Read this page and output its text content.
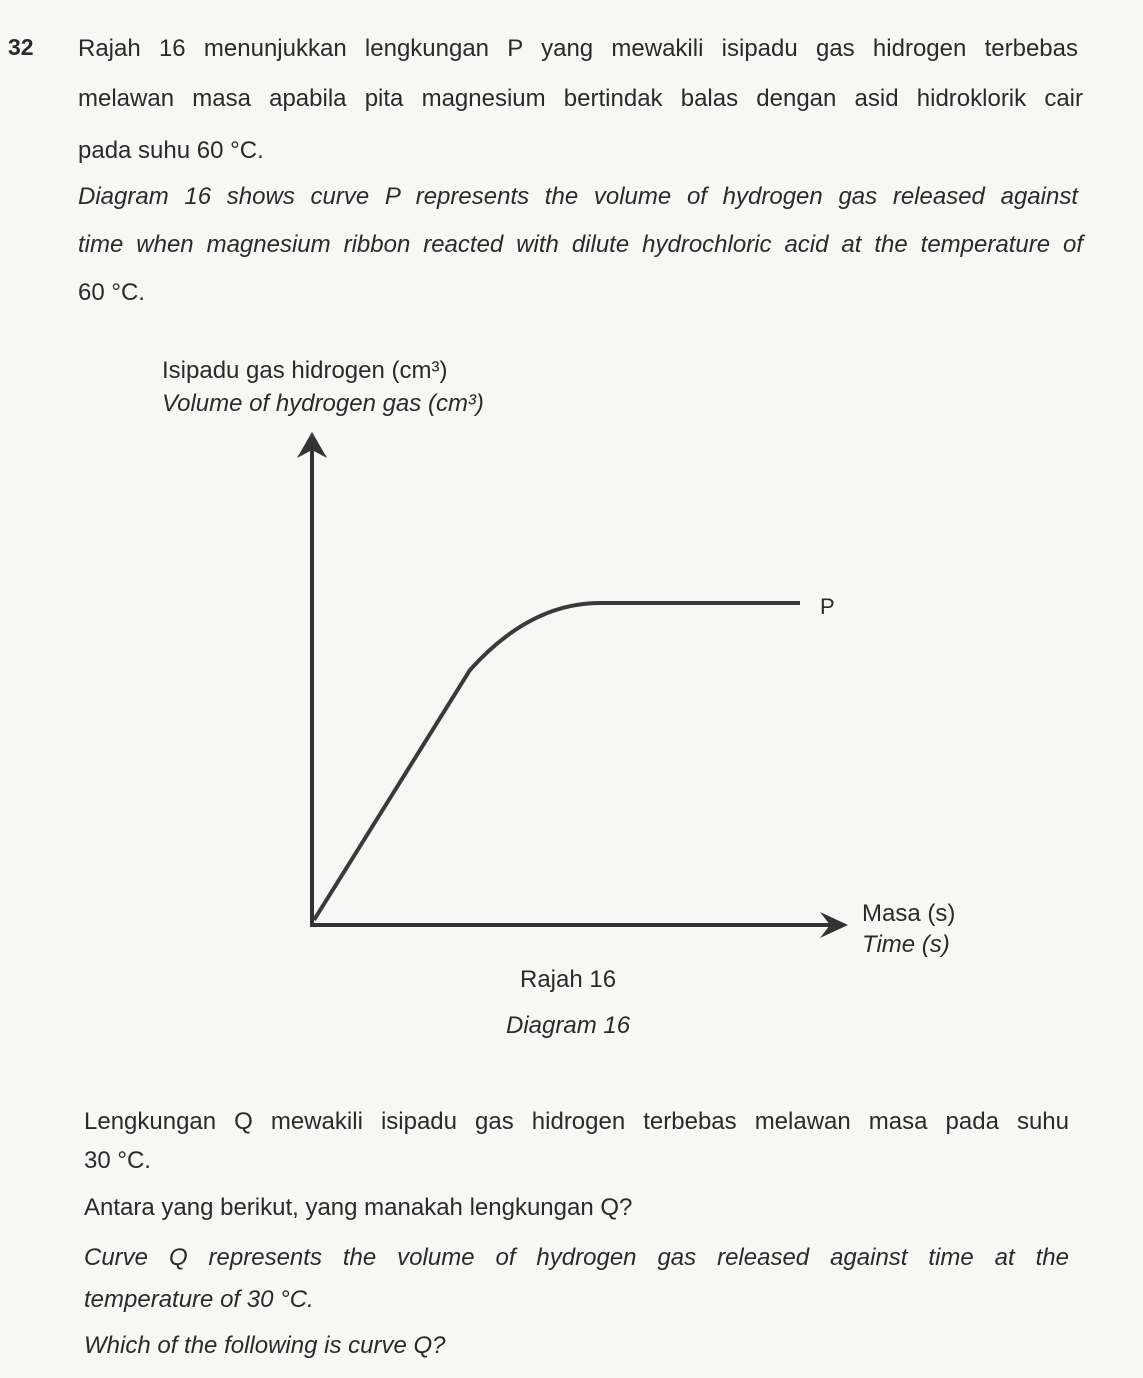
32 Rajah 16 menunjukkan lengkungan P yang mewakili isipadu gas hidrogen terbebas
melawan masa apabila pita magnesium bertindak balas dengan asid hidroklorik cair
pada suhu 60 °C.
Diagram 16 shows curve P represents the volume of hydrogen gas released against
time when magnesium ribbon reacted with dilute hydrochloric acid at the temperature of
60 °C.
Isipadu gas hidrogen (cm³)
Volume of hydrogen gas (cm³)
P
Masa (s)
Time (s)
Rajah 16
Diagram 16
Lengkungan Q mewakili isipadu gas hidrogen terbebas melawan masa pada suhu
30 °C.
Antara yang berikut, yang manakah lengkungan Q?
Curve Q represents the volume of hydrogen gas released against time at the
temperature of 30 °C.
Which of the following is curve Q?
